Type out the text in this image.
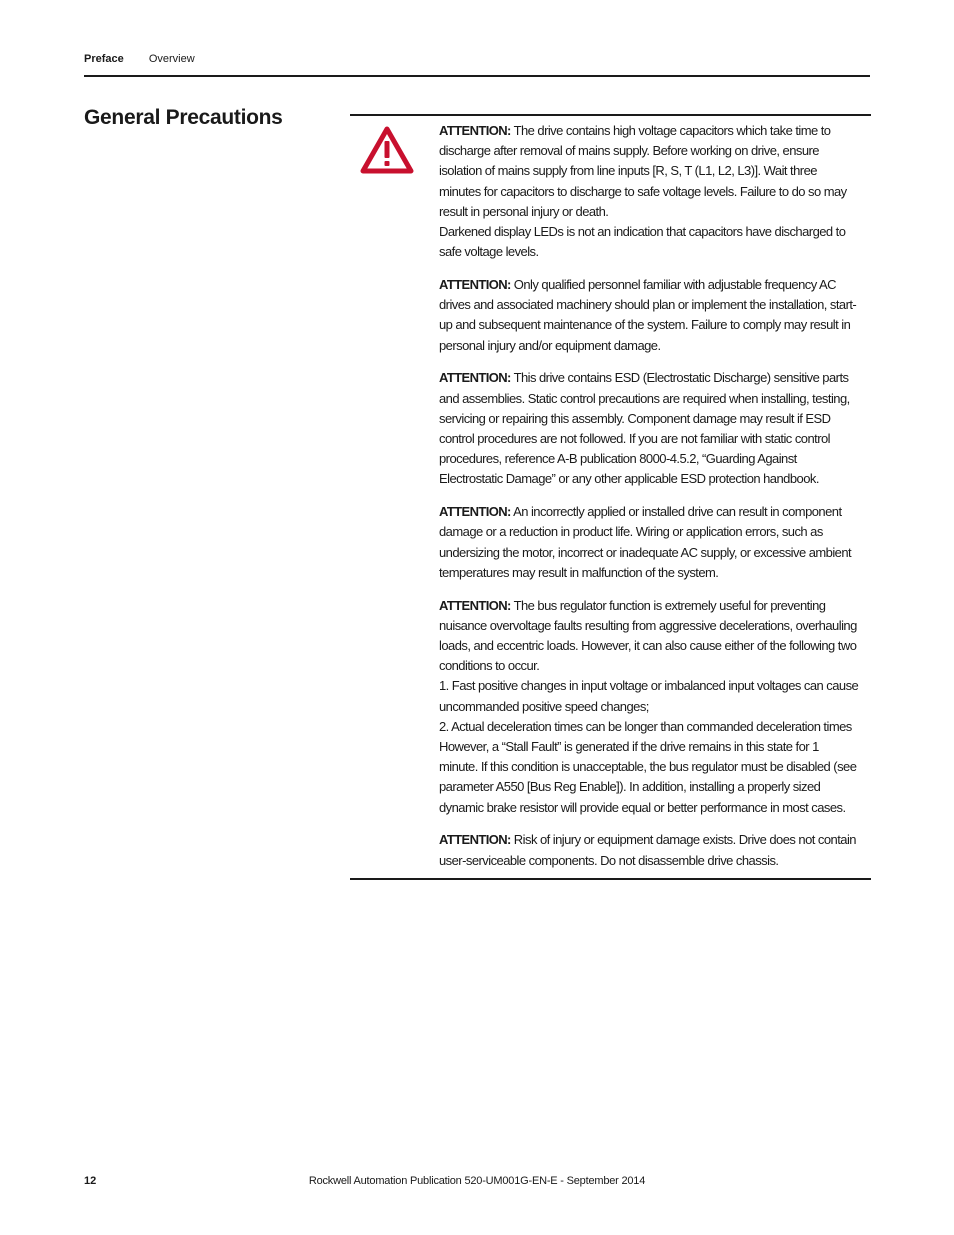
Preface Overview
General Precautions

ATTENTION: The drive contains high voltage capacitors which take time to discharge after removal of mains supply. Before working on drive, ensure isolation of mains supply from line inputs [R, S, T (L1, L2, L3)]. Wait three minutes for capacitors to discharge to safe voltage levels. Failure to do so may result in personal injury or death.
Darkened display LEDs is not an indication that capacitors have discharged to safe voltage levels.

ATTENTION: Only qualified personnel familiar with adjustable frequency AC drives and associated machinery should plan or implement the installation, start-up and subsequent maintenance of the system. Failure to comply may result in personal injury and/or equipment damage.

ATTENTION: This drive contains ESD (Electrostatic Discharge) sensitive parts and assemblies. Static control precautions are required when installing, testing, servicing or repairing this assembly. Component damage may result if ESD control procedures are not followed. If you are not familiar with static control procedures, reference A-B publication 8000-4.5.2, “Guarding Against Electrostatic Damage” or any other applicable ESD protection handbook.

ATTENTION: An incorrectly applied or installed drive can result in component damage or a reduction in product life. Wiring or application errors, such as undersizing the motor, incorrect or inadequate AC supply, or excessive ambient temperatures may result in malfunction of the system.

ATTENTION: The bus regulator function is extremely useful for preventing nuisance overvoltage faults resulting from aggressive decelerations, overhauling loads, and eccentric loads. However, it can also cause either of the following two conditions to occur.
1. Fast positive changes in input voltage or imbalanced input voltages can cause uncommanded positive speed changes;
2. Actual deceleration times can be longer than commanded deceleration times However, a “Stall Fault” is generated if the drive remains in this state for 1 minute. If this condition is unacceptable, the bus regulator must be disabled (see parameter A550 [Bus Reg Enable]). In addition, installing a properly sized dynamic brake resistor will provide equal or better performance in most cases.

ATTENTION: Risk of injury or equipment damage exists. Drive does not contain user-serviceable components. Do not disassemble drive chassis.

12	Rockwell Automation Publication 520-UM001G-EN-E - September 2014
